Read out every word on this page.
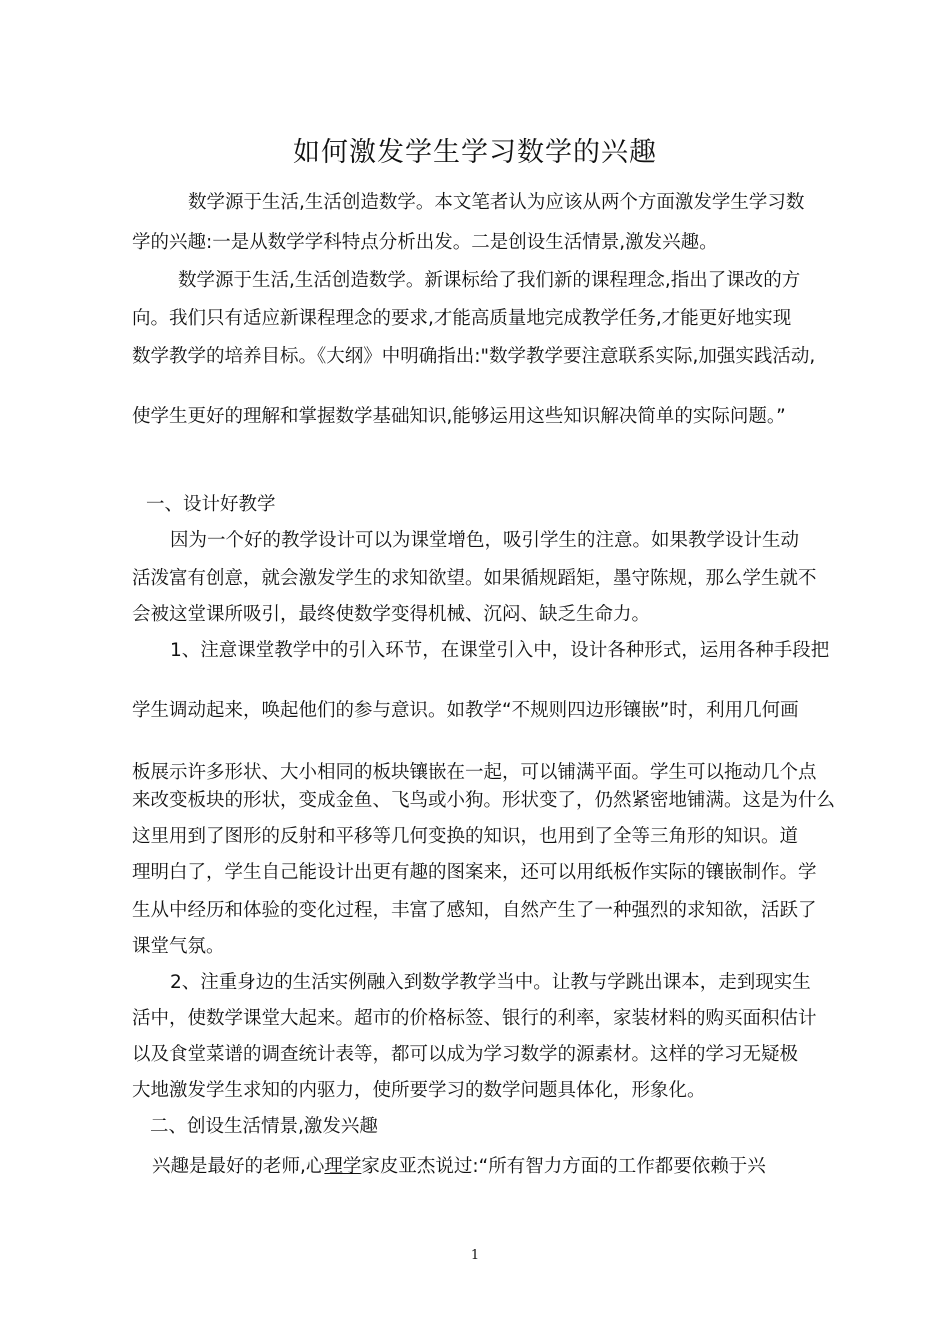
如何激发学生学习数学的兴趣
数学源于生活,生活创造数学。本文笔者认为应该从两个方面激发学生学习数
学的兴趣:一是从数学学科特点分析出发。二是创设生活情景,激发兴趣。
数学源于生活,生活创造数学。新课标给了我们新的课程理念,指出了课改的方
向。我们只有适应新课程理念的要求,才能高质量地完成教学任务,才能更好地实现
数学教学的培养目标。《大纲》中明确指出:"数学教学要注意联系实际,加强实践活动,
使学生更好的理解和掌握数学基础知识,能够运用这些知识解决简单的实际问题。”
一、设计好教学
因为一个好的教学设计可以为课堂增色，吸引学生的注意。如果教学设计生动
活泼富有创意，就会激发学生的求知欲望。如果循规蹈矩，墨守陈规，那么学生就不
会被这堂课所吸引，最终使数学变得机械、沉闷、缺乏生命力。
1、注意课堂教学中的引入环节，在课堂引入中，设计各种形式，运用各种手段把
学生调动起来，唤起他们的参与意识。如教学“不规则四边形镶嵌”时，利用几何画
板展示许多形状、大小相同的板块镶嵌在一起，可以铺满平面。学生可以拖动几个点
来改变板块的形状，变成金鱼、飞鸟或小狗。形状变了，仍然紧密地铺满。这是为什么
这里用到了图形的反射和平移等几何变换的知识，也用到了全等三角形的知识。道
理明白了，学生自己能设计出更有趣的图案来，还可以用纸板作实际的镶嵌制作。学
生从中经历和体验的变化过程，丰富了感知，自然产生了一种强烈的求知欲，活跃了
课堂气氛。
2、注重身边的生活实例融入到数学教学当中。让教与学跳出课本，走到现实生
活中，使数学课堂大起来。超市的价格标签、银行的利率，家装材料的购买面积估计
以及食堂菜谱的调查统计表等，都可以成为学习数学的源素材。这样的学习无疑极
大地激发学生求知的内驱力，使所要学习的数学问题具体化，形象化。
二、创设生活情景,激发兴趣
兴趣是最好的老师,心理学家皮亚杰说过:“所有智力方面的工作都要依赖于兴
1
